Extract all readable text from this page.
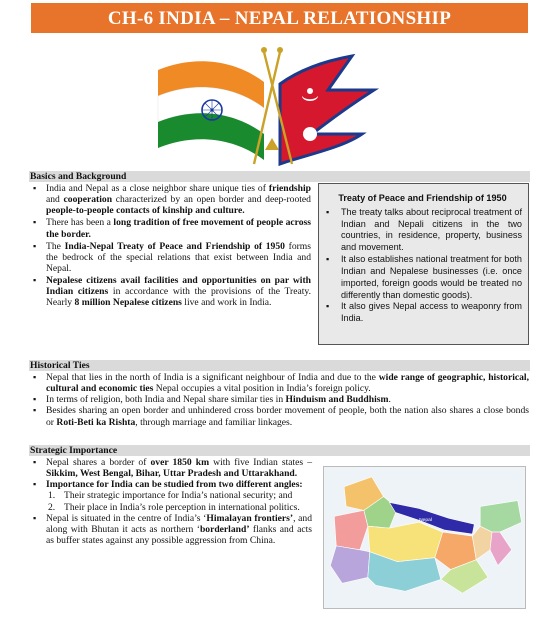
CH-6 INDIA – NEPAL RELATIONSHIP
Basics and Background
▪ India and Nepal as a close neighbor share unique ties of friendship and cooperation characterized by an open border and deep-rooted people-to-people contacts of kinship and culture.
▪ There has been a long tradition of free movement of people across the border.
▪ The India-Nepal Treaty of Peace and Friendship of 1950 forms the bedrock of the special relations that exist between India and Nepal.
▪ Nepalese citizens avail facilities and opportunities on par with Indian citizens in accordance with the provisions of the Treaty. Nearly 8 million Nepalese citizens live and work in India.
Treaty of Peace and Friendship of 1950
▪ The treaty talks about reciprocal treatment of Indian and Nepali citizens in the two countries, in residence, property, business and movement.
▪ It also establishes national treatment for both Indian and Nepalese businesses (i.e. once imported, foreign goods would be treated no differently than domestic goods).
▪ It also gives Nepal access to weaponry from India.
Historical Ties
▪ Nepal that lies in the north of India is a significant neighbour of India and due to the wide range of geographic, historical, cultural and economic ties Nepal occupies a vital position in India’s foreign policy.
▪ In terms of religion, both India and Nepal share similar ties in Hinduism and Buddhism.
▪ Besides sharing an open border and unhindered cross border movement of people, both the nation also shares a close bonds or Roti-Beti ka Rishta, through marriage and familiar linkages.
Strategic Importance
▪ Nepal shares a border of over 1850 km with five Indian states – Sikkim, West Bengal, Bihar, Uttar Pradesh and Uttarakhand.
▪ Importance for India can be studied from two different angles:
1. Their strategic importance for India’s national security; and
2. Their place in India’s role perception in international politics.
▪ Nepal is situated in the centre of India’s ‘Himalayan frontiers’, and along with Bhutan it acts as northern ‘borderland’ flanks and acts as buffer states against any possible aggression from China.
Nepal
